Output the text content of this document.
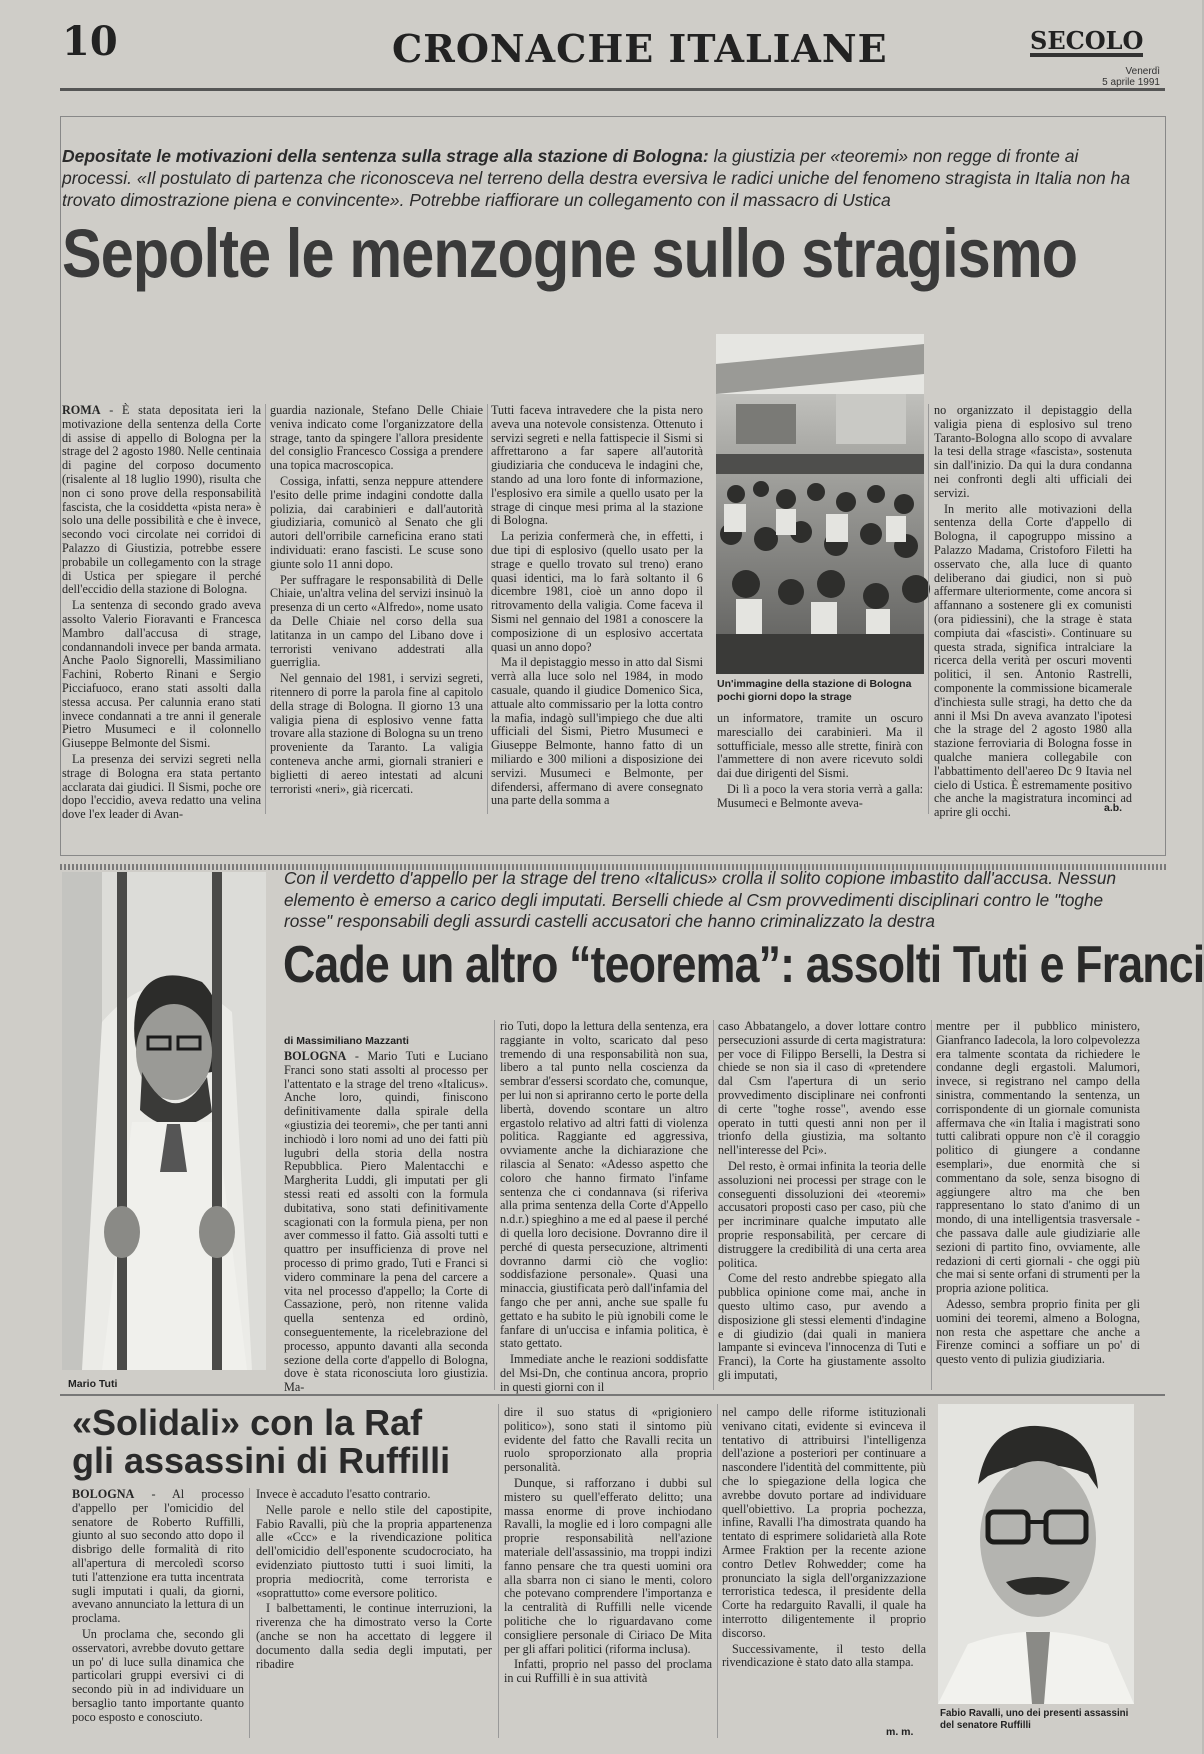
10	CRONACHE ITALIANE	SECOLO
Venerdì
5 aprile 1991
Depositate le motivazioni della sentenza sulla strage alla stazione di Bologna: la giustizia per «teoremi» non regge di fronte ai processi. «Il postulato di partenza che riconosceva nel terreno della destra eversiva le radici uniche del fenomeno stragista in Italia non ha trovato dimostrazione piena e convincente». Potrebbe riaffiorare un collegamento con il massacro di Ustica
Sepolte le menzogne sullo stragismo

ROMA - È stata depositata ieri la motivazione della sentenza della Corte di assise di appello di Bologna per la strage del 2 agosto 1980. Nelle centinaia di pagine del corposo documento (risalente al 18 luglio 1990), risulta che non ci sono prove della responsabilità fascista, che la cosiddetta «pista nera» è solo una delle possibilità e che è invece, secondo voci circolate nei corridoi di Palazzo di Giustizia, potrebbe essere probabile un collegamento con la strage di Ustica per spiegare il perché dell'eccidio della stazione di Bologna.

La sentenza di secondo grado aveva assolto Valerio Fioravanti e Francesca Mambro dall'accusa di strage, condannandoli invece per banda armata. Anche Paolo Signorelli, Massimiliano Fachini, Roberto Rinani e Sergio Picciafuoco, erano stati assolti dalla stessa accusa. Per calunnia erano stati invece condannati a tre anni il generale Pietro Musumeci e il colonnello Giuseppe Belmonte del Sismi.

La presenza dei servizi segreti nella strage di Bologna era stata pertanto acclarata dai giudici. Il Sismi, poche ore dopo l'eccidio, aveva redatto una velina dove l'ex leader di Avan-

guardia nazionale, Stefano Delle Chiaie veniva indicato come l'organizzatore della strage, tanto da spingere l'allora presidente del consiglio Francesco Cossiga a prendere una topica macroscopica.

Cossiga, infatti, senza neppure attendere l'esito delle prime indagini condotte dalla polizia, dai carabinieri e dall'autorità giudiziaria, comunicò al Senato che gli autori dell'orribile carneficina erano stati individuati: erano fascisti. Le scuse sono giunte solo 11 anni dopo.

Per suffragare le responsabilità di Delle Chiaie, un'altra velina del servizi insinuò la presenza di un certo «Alfredo», nome usato da Delle Chiaie nel corso della sua latitanza in un campo del Libano dove i terroristi venivano addestrati alla guerriglia.

Nel gennaio del 1981, i servizi segreti, ritennero di porre la parola fine al capitolo della strage di Bologna. Il giorno 13 una valigia piena di esplosivo venne fatta trovare alla stazione di Bologna su un treno proveniente da Taranto. La valigia conteneva anche armi, giornali stranieri e biglietti di aereo intestati ad alcuni terroristi «neri», già ricercati.

Tutti faceva intravedere che la pista nero aveva una notevole consistenza. Ottenuto i servizi segreti e nella fattispecie il Sismi si affrettarono a far sapere all'autorità giudiziaria che conduceva le indagini che, stando ad una loro fonte di informazione, l'esplosivo era simile a quello usato per la strage di cinque mesi prima al la stazione di Bologna.

La perizia confermerà che, in effetti, i due tipi di esplosivo (quello usato per la strage e quello trovato sul treno) erano quasi identici, ma lo farà soltanto il 6 dicembre 1981, cioè un anno dopo il ritrovamento della valigia. Come faceva il Sismi nel gennaio del 1981 a conoscere la composizione di un esplosivo accertata quasi un anno dopo?

Ma il depistaggio messo in atto dal Sismi verrà alla luce solo nel 1984, in modo casuale, quando il giudice Domenico Sica, attuale alto commissario per la lotta contro la mafia, indagò sull'impiego che due alti ufficiali del Sismi, Pietro Musumeci e Giuseppe Belmonte, hanno fatto di un miliardo e 300 milioni a disposizione dei servizi. Musumeci e Belmonte, per difendersi, affermano di avere consegnato una parte della somma a

Un'immagine della stazione di Bologna pochi giorni dopo la strage

un informatore, tramite un oscuro maresciallo dei carabinieri. Ma il sottufficiale, messo alle strette, finirà con l'ammettere di non avere ricevuto soldi dai due dirigenti del Sismi.

Di lì a poco la vera storia verrà a galla: Musumeci e Belmonte aveva-

no organizzato il depistaggio della valigia piena di esplosivo sul treno Taranto-Bologna allo scopo di avvalare la tesi della strage «fascista», sostenuta sin dall'inizio. Da qui la dura condanna nei confronti degli alti ufficiali dei servizi.

In merito alle motivazioni della sentenza della Corte d'appello di Bologna, il capogruppo missino a Palazzo Madama, Cristoforo Filetti ha osservato che, alla luce di quanto deliberano dai giudici, non si può affermare ulteriormente, come ancora si affannano a sostenere gli ex comunisti (ora pidiessini), che la strage è stata compiuta dai «fascisti». Continuare su questa strada, significa intralciare la ricerca della verità per oscuri moventi politici, il sen. Antonio Rastrelli, componente la commissione bicamerale d'inchiesta sulle stragi, ha detto che da anni il Msi Dn aveva avanzato l'ipotesi che la strage del 2 agosto 1980 alla stazione ferroviaria di Bologna fosse in qualche maniera collegabile con l'abbattimento dell'aereo Dc 9 Itavia nel cielo di Ustica. È estremamente positivo che anche la magistratura incominci ad aprire gli occhi.	a.b.
Mario Tuti
Con il verdetto d'appello per la strage del treno «Italicus» crolla il solito copione imbastito dall'accusa. Nessun elemento è emerso a carico degli imputati. Berselli chiede al Csm provvedimenti disciplinari contro le "toghe rosse" responsabili degli assurdi castelli accusatori che hanno criminalizzato la destra
Cade un altro “teorema”: assolti Tuti e Franci
di Massimiliano Mazzanti

BOLOGNA - Mario Tuti e Luciano Franci sono stati assolti al processo per l'attentato e la strage del treno «Italicus». Anche loro, quindi, finiscono definitivamente dalla spirale della «giustizia dei teoremi», che per tanti anni inchiodò i loro nomi ad uno dei fatti più lugubri della storia della nostra Repubblica. Piero Malentacchi e Margherita Luddi, gli imputati per gli stessi reati ed assolti con la formula dubitativa, sono stati definitivamente scagionati con la formula piena, per non aver commesso il fatto. Già assolti tutti e quattro per insufficienza di prove nel processo di primo grado, Tuti e Franci si videro comminare la pena del carcere a vita nel processo d'appello; la Corte di Cassazione, però, non ritenne valida quella sentenza ed ordinò, conseguentemente, la ricelebrazione del processo, appunto davanti alla seconda sezione della corte d'appello di Bologna, dove è stata riconosciuta loro giustizia. Ma-

rio Tuti, dopo la lettura della sentenza, era raggiante in volto, scaricato dal peso tremendo di una responsabilità non sua, libero a tal punto nella coscienza da sembrar d'essersi scordato che, comunque, per lui non si apriranno certo le porte della libertà, dovendo scontare un altro ergastolo relativo ad altri fatti di violenza politica. Raggiante ed aggressiva, ovviamente anche la dichiarazione che rilascia al Senato: «Adesso aspetto che coloro che hanno firmato l'infame sentenza che ci condannava (si riferiva alla prima sentenza della Corte d'Appello n.d.r.) spieghino a me ed al paese il perché di quella loro decisione. Dovranno dire il perché di questa persecuzione, altrimenti dovranno darmi ciò che voglio: soddisfazione personale». Quasi una minaccia, giustificata però dall'infamia del fango che per anni, anche sue spalle fu gettato e ha subito le più ignobili come le fanfare di un'uccisa e infamia politica, è stato gettato.

Immediate anche le reazioni soddisfatte del Msi-Dn, che continua ancora, proprio in questi giorni con il

caso Abbatangelo, a dover lottare contro persecuzioni assurde di certa magistratura: per voce di Filippo Berselli, la Destra si chiede se non sia il caso di «pretendere dal Csm l'apertura di un serio provvedimento disciplinare nei confronti di certe "toghe rosse", avendo esse operato in tutti questi anni non per il trionfo della giustizia, ma soltanto nell'interesse del Pci».

Del resto, è ormai infinita la teoria delle assoluzioni nei processi per strage con le conseguenti dissoluzioni dei «teoremi» accusatori proposti caso per caso, più che per incriminare qualche imputato alle proprie responsabilità, per cercare di distruggere la credibilità di una certa area politica.

Come del resto andrebbe spiegato alla pubblica opinione come mai, anche in questo ultimo caso, pur avendo a disposizione gli stessi elementi d'indagine e di giudizio (dai quali in maniera lampante si evinceva l'innocenza di Tuti e Franci), la Corte ha giustamente assolto gli imputati,

mentre per il pubblico ministero, Gianfranco Iadecola, la loro colpevolezza era talmente scontata da richiedere le condanne degli ergastoli. Malumori, invece, si registrano nel campo della sinistra, commentando la sentenza, un corrispondente di un giornale comunista affermava che «in Italia i magistrati sono tutti calibrati oppure non c'è il coraggio politico di giungere a condanne esemplari», due enormità che si commentano da sole, senza bisogno di aggiungere altro ma che ben rappresentano lo stato d'animo di un mondo, di una intelligentsia trasversale - che passava dalle aule giudiziarie alle sezioni di partito fino, ovviamente, alle redazioni di certi giornali - che oggi più che mai si sente orfani di strumenti per la propria azione politica.

Adesso, sembra proprio finita per gli uomini dei teoremi, almeno a Bologna, non resta che aspettare che anche a Firenze cominci a soffiare un po' di questo vento di pulizia giudiziaria.

«Solidali» con la Raf
gli assassini di Ruffilli

BOLOGNA - Al processo d'appello per l'omicidio del senatore de Roberto Ruffilli, giunto al suo secondo atto dopo il disbrigo delle formalità di rito all'apertura di mercoledì scorso tuti l'attenzione era tutta incentrata sugli imputati i quali, da giorni, avevano annunciato la lettura di un proclama.

Un proclama che, secondo gli osservatori, avrebbe dovuto gettare un po' di luce sulla dinamica che particolari gruppi eversivi ci di secondo più in ad individuare un bersaglio tanto importante quanto poco esposto e conosciuto.

Invece è accaduto l'esatto contrario.

Nelle parole e nello stile del capostipite, Fabio Ravalli, più che la propria appartenenza alle «Ccc» e la rivendicazione politica dell'omicidio dell'esponente scudocrociato, ha evidenziato piuttosto tutti i suoi limiti, la propria mediocrità, come terrorista e «soprattutto» come eversore politico.

I balbettamenti, le continue interruzioni, la riverenza che ha dimostrato verso la Corte (anche se non ha accettato di leggere il documento dalla sedia degli imputati, per ribadire

dire il suo status di «prigioniero politico»), sono stati il sintomo più evidente del fatto che Ravalli recita un ruolo sproporzionato alla propria personalità.

Dunque, si rafforzano i dubbi sul mistero su quell'efferato delitto; una massa enorme di prove inchiodano Ravalli, la moglie ed i loro compagni alle proprie responsabilità nell'azione materiale dell'assassinio, ma troppi indizi fanno pensare che tra questi uomini ora alla sbarra non ci siano le menti, coloro che potevano comprendere l'importanza e la centralità di Ruffilli nelle vicende politiche che lo riguardavano come consigliere personale di Ciriaco De Mita per gli affari politici (riforma inclusa).

Infatti, proprio nel passo del proclama in cui Ruffilli è in sua attività

nel campo delle riforme istituzionali venivano citati, evidente si evinceva il tentativo di attribuirsi l'intelligenza dell'azione a posteriori per continuare a nascondere l'identità del committente, più che lo spiegazione della logica che avrebbe dovuto portare ad individuare quell'obiettivo. La propria pochezza, infine, Ravalli l'ha dimostrata quando ha tentato di esprimere solidarietà alla Rote Armee Fraktion per la recente azione contro Detlev Rohwedder; come ha pronunciato la sigla dell'organizzazione terroristica tedesca, il presidente della Corte ha redarguito Ravalli, il quale ha interrotto diligentemente il proprio discorso.

Successivamente, il testo della rivendicazione è stato dato alla stampa.

m. m.
Fabio Ravalli, uno dei presenti assassini del senatore Ruffilli
